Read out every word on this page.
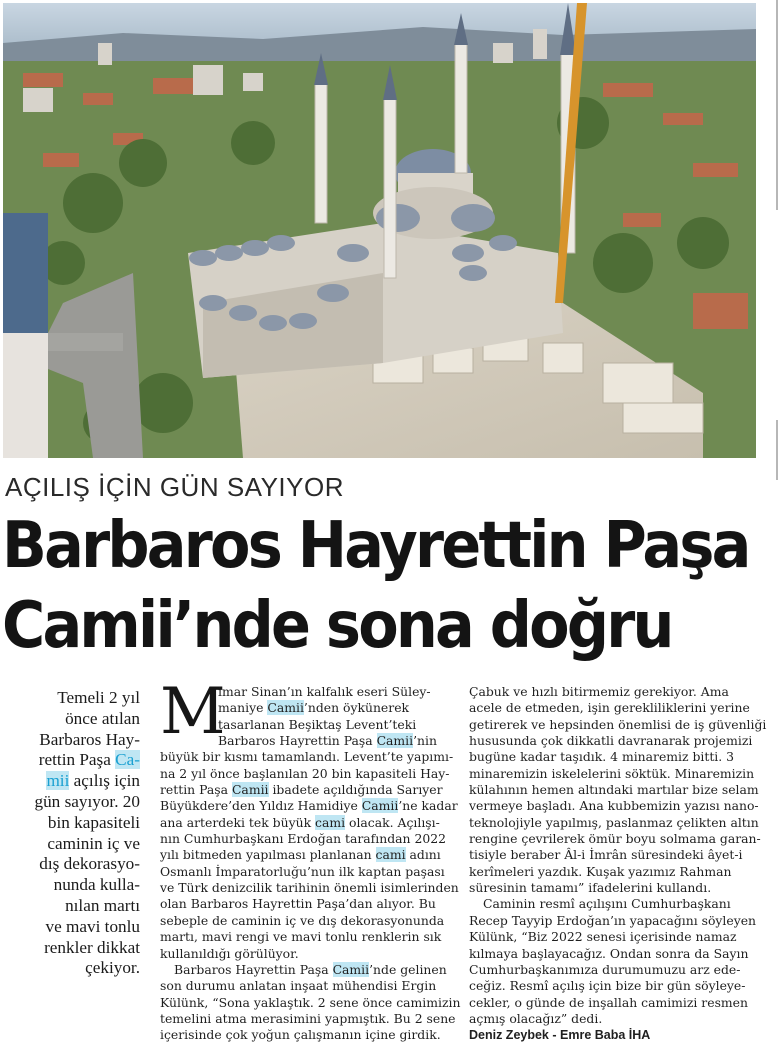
AÇILIŞ İÇİN GÜN SAYIYOR
Barbaros Hayrettin Paşa
Camii’nde sona doğru
Temeli 2 yıl
önce atılan
Barbaros Hay-
rettin Paşa Ca-
mii açılış için
gün sayıyor. 20
bin kapasiteli
caminin iç ve
dış dekorasyo-
nunda kulla-
nılan martı
ve mavi tonlu
renkler dikkat
çekiyor.
M
imar Sinan’ın kalfalık eseri Süley-
maniye Camii’nden öykünerek
tasarlanan Beşiktaş Levent’teki
Barbaros Hayrettin Paşa Camii’nin
büyük bir kısmı tamamlandı. Levent’te yapımı-
na 2 yıl önce başlanılan 20 bin kapasiteli Hay-
rettin Paşa Camii ibadete açıldığında Sarıyer
Büyükdere’den Yıldız Hamidiye Camii’ne kadar
ana arterdeki tek büyük cami olacak. Açılışı-
nın Cumhurbaşkanı Erdoğan tarafından 2022
yılı bitmeden yapılması planlanan cami adını
Osmanlı İmparatorluğu’nun ilk kaptan paşası
ve Türk denizcilik tarihinin önemli isimlerinden
olan Barbaros Hayrettin Paşa’dan alıyor. Bu
sebeple de caminin iç ve dış dekorasyonunda
martı, mavi rengi ve mavi tonlu renklerin sık
kullanıldığı görülüyor.
Barbaros Hayrettin Paşa Camii’nde gelinen
son durumu anlatan inşaat mühendisi Ergin
Külünk, “Sona yaklaştık. 2 sene önce camimizin
temelini atma merasimini yapmıştık. Bu 2 sene
içerisinde çok yoğun çalışmanın içine girdik.
Çabuk ve hızlı bitirmemiz gerekiyor. Ama
acele de etmeden, işin gerekliliklerini yerine
getirerek ve hepsinden önemlisi de iş güvenliği
hususunda çok dikkatli davranarak projemizi
bugüne kadar taşıdık. 4 minaremiz bitti. 3
minaremizin iskelelerini söktük. Minaremizin
külahının hemen altındaki martılar bize selam
vermeye başladı. Ana kubbemizin yazısı nano-
teknolojiyle yapılmış, paslanmaz çelikten altın
rengine çevrilerek ömür boyu solmama garan-
tisiyle beraber Âl-i İmrân süresindeki âyet-i
kerîmeleri yazdık. Kuşak yazımız Rahman
süresinin tamamı” ifadelerini kullandı.
Caminin resmî açılışını Cumhurbaşkanı
Recep Tayyip Erdoğan’ın yapacağını söyleyen
Külünk, “Biz 2022 senesi içerisinde namaz
kılmaya başlayacağız. Ondan sonra da Sayın
Cumhurbaşkanımıza durumumuzu arz ede-
ceğiz. Resmî açılış için bize bir gün söyleye-
cekler, o günde de inşallah camimizi resmen
açmış olacağız” dedi.
Deniz Zeybek - Emre Baba İHA
